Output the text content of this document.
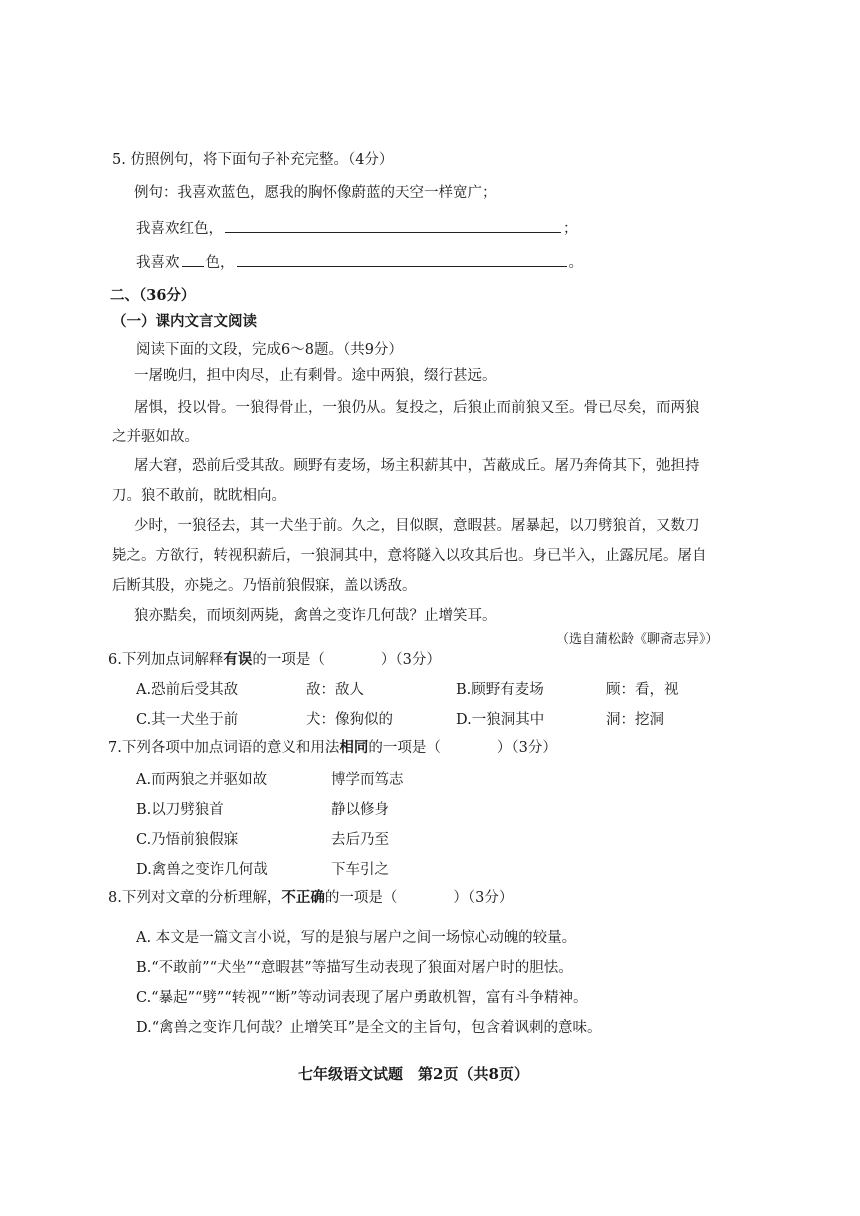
5. 仿照例句，将下面句子补充完整。（4分）
例句：我喜欢蓝色，愿我的胸怀像蔚蓝的天空一样宽广；
我喜欢红色，	；
我喜欢 色，	。
二、（36分）
（一）课内文言文阅读
阅读下面的文段，完成6～8题。（共9分）
一屠晚归，担中肉尽，止有剩骨。途中两狼，缀行甚远。
屠惧，投以骨。一狼得骨止，一狼仍从。复投之，后狼止而前狼又至。骨已尽矣，而两狼
之并驱如故。
屠大窘，恐前后受其敌。顾野有麦场，场主积薪其中，苫蔽成丘。屠乃奔倚其下，弛担持
刀。狼不敢前，眈眈相向。
少时，一狼径去，其一犬坐于前。久之，目似瞑，意暇甚。屠暴起，以刀劈狼首，又数刀
毙之。方欲行，转视积薪后，一狼洞其中，意将隧入以攻其后也。身已半入，止露尻尾。屠自
后断其股，亦毙之。乃悟前狼假寐，盖以诱敌。
狼亦黠矣，而顷刻两毙，禽兽之变诈几何哉？止增笑耳。
（选自蒲松龄《聊斋志异》）
6.下列加点词解释有误的一项是（	）（3分）
A.恐前后受其敌	敌：敌人	B.顾野有麦场	顾：看，视
C.其一犬坐于前	犬：像狗似的	D.一狼洞其中	洞：挖洞
7.下列各项中加点词语的意义和用法相同的一项是（	）（3分）
A.而两狼之并驱如故	博学而笃志
B.以刀劈狼首	静以修身
C.乃悟前狼假寐	去后乃至
D.禽兽之变诈几何哉	下车引之
8.下列对文章的分析理解，不正确的一项是（	）（3分）
A. 本文是一篇文言小说，写的是狼与屠户之间一场惊心动魄的较量。
B.“不敢前”“犬坐”“意暇甚”等描写生动表现了狼面对屠户时的胆怯。
C.“暴起”“劈”“转视”“断”等动词表现了屠户勇敢机智，富有斗争精神。
D.“禽兽之变诈几何哉？止增笑耳”是全文的主旨句，包含着讽刺的意味。
七年级语文试题　第2页（共8页）
